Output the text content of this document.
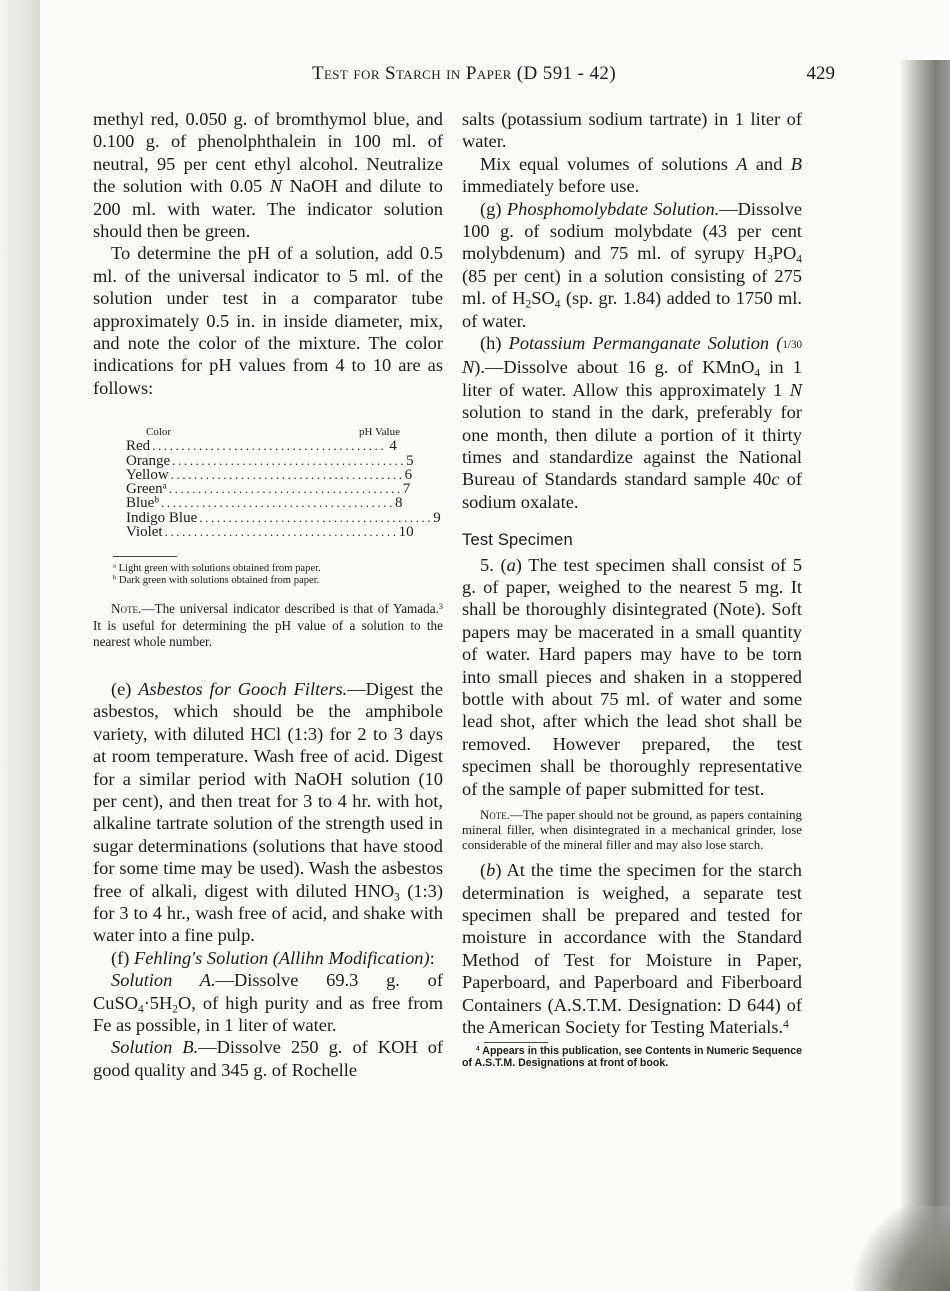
Test for Starch in Paper (D 591 - 42)	429

methyl red, 0.050 g. of bromthymol blue, and 0.100 g. of phenolphthalein in 100 ml. of neutral, 95 per cent ethyl alcohol. Neutralize the solution with 0.05 N NaOH and dilute to 200 ml. with water. The indicator solution should then be green.

To determine the pH of a solution, add 0.5 ml. of the universal indicator to 5 ml. of the solution under test in a comparator tube approximately 0.5 in. in inside diameter, mix, and note the color of the mixture. The color indications for pH values from 4 to 10 are as follows:

Color	pH Value
Red ........................................ 4
Orange ........................................ 5
Yellow ........................................ 6
Green$^a$ ........................................ 7
Blue$^b$ ........................................ 8
Indigo Blue ........................................ 9
Violet ........................................ 10
$^a$ Light green with solutions obtained from paper.
$^b$ Dark green with solutions obtained from paper.

Note.—The universal indicator described is that of Yamada.$^3$ It is useful for determining the pH value of a solution to the nearest whole number.

(e) Asbestos for Gooch Filters.—Digest the asbestos, which should be the amphibole variety, with diluted HCl (1:3) for 2 to 3 days at room temperature. Wash free of acid. Digest for a similar period with NaOH solution (10 per cent), and then treat for 3 to 4 hr. with hot, alkaline tartrate solution of the strength used in sugar determinations (solutions that have stood for some time may be used). Wash the asbestos free of alkali, digest with diluted $HNO_3$ (1:3) for 3 to 4 hr., wash free of acid, and shake with water into a fine pulp.

(f) Fehling's Solution (Allihn Modification):

Solution A.—Dissolve 69.3 g. of $CuSO_4\cdot 5H_2O$, of high purity and as free from Fe as possible, in 1 liter of water.

Solution B.—Dissolve 250 g. of KOH of good quality and 345 g. of Rochelle

salts (potassium sodium tartrate) in 1 liter of water.

Mix equal volumes of solutions A and B immediately before use.

(g) Phosphomolybdate Solution.—Dissolve 100 g. of sodium molybdate (43 per cent molybdenum) and 75 ml. of syrupy $H_3PO_4$ (85 per cent) in a solution consisting of 275 ml. of $H_2SO_4$ (sp. gr. 1.84) added to 1750 ml. of water.

(h) Potassium Permanganate Solution (1/30 N).—Dissolve about 16 g. of KMnO$_4$ in 1 liter of water. Allow this approximately 1 N solution to stand in the dark, preferably for one month, then dilute a portion of it thirty times and standardize against the National Bureau of Standards standard sample 40c of sodium oxalate.

Test Specimen

5. (a) The test specimen shall consist of 5 g. of paper, weighed to the nearest 5 mg. It shall be thoroughly disintegrated (Note). Soft papers may be macerated in a small quantity of water. Hard papers may have to be torn into small pieces and shaken in a stoppered bottle with about 75 ml. of water and some lead shot, after which the lead shot shall be removed. However prepared, the test specimen shall be thoroughly representative of the sample of paper submitted for test.

Note.—The paper should not be ground, as papers containing mineral filler, when disintegrated in a mechanical grinder, lose considerable of the mineral filler and may also lose starch.

(b) At the time the specimen for the starch determination is weighed, a separate test specimen shall be prepared and tested for moisture in accordance with the Standard Method of Test for Moisture in Paper, Paperboard, and Paperboard and Fiberboard Containers (A.S.T.M. Designation: D 644) of the American Society for Testing Materials.$^4$

$^4$ Appears in this publication, see Contents in Numeric Sequence of A.S.T.M. Designations at front of book.
